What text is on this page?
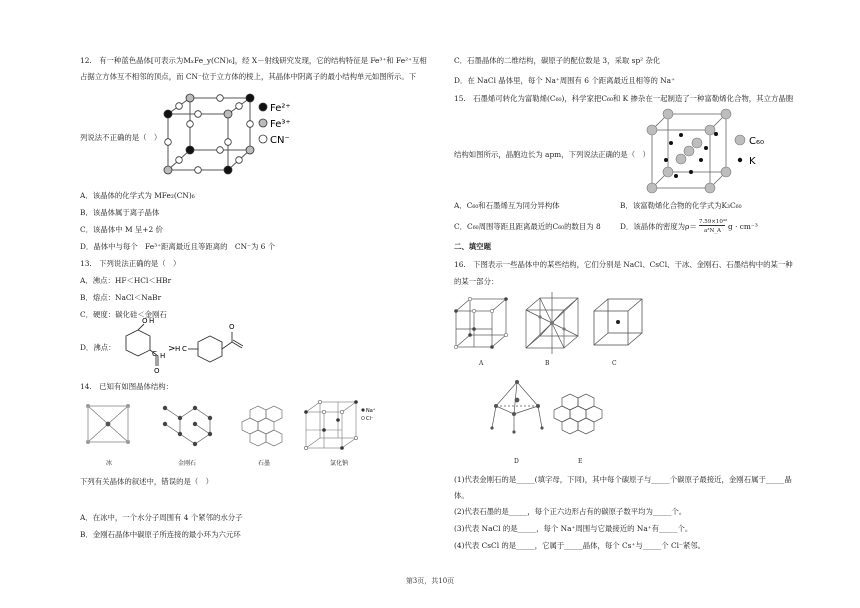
12.　有一种蓝色晶体[可表示为MₓFe_y(CN)₆]，经 X－射线研究发现，它的结构特征是 Fe³⁺和 Fe²⁺互相
占据立方体互不相邻的顶点，而 CN⁻位于立方体的棱上，其晶体中阴离子的最小结构单元如图所示。下
Fe²⁺
Fe³⁺
CN⁻
列说法不正确的是（　）
A．该晶体的化学式为 MFe₂(CN)₆
B．该晶体属于离子晶体
C．该晶体中 M 呈+2 价
D．晶体中与每个　Fe³⁺距离最近且等距离的　CN⁻为 6 个
13.　下列说法正确的是（　）
A．沸点：HF＜HCl＜HBr
B．熔点：NaCl＜NaBr
C．硬度：碳化硅＜金刚石
D．沸点：
O H
C H
O
> H C
O
14.　已知有如图晶体结构：
Na⁺
Cl⁻
冰	金刚石	石墨	氯化钠
下列有关晶体的叙述中，错误的是（　）
A．在冰中，一个水分子周围有 4 个紧邻的水分子
B．金刚石晶体中碳原子所连接的最小环为六元环
C．石墨晶体的二维结构，碳原子的配位数是 3，采取 sp² 杂化
D．在 NaCl 晶体里，每个 Na⁺周围有 6 个距离最近且相等的 Na⁺
15.　石墨烯可转化为富勒烯(C₆₀)，科学家把C₆₀和 K 掺杂在一起制造了一种富勒烯化合物，其立方晶胞
C₆₀
K
结构如图所示，晶胞边长为 apm，下列说法正确的是（　）
A．C₆₀和石墨烯互为同分异构体	B．该富勒烯化合物的化学式为K₃C₆₀
C．C₆₀周围等距且距离最近的C₆₀的数目为 8	D．该晶体的密度为ρ＝ 7.59×10³²
a³N_A g · cm⁻³
二、填空题
16.　下图表示一些晶体中的某些结构，它们分别是 NaCl、CsCl、干冰、金刚石、石墨结构中的某一种
的某一部分：
A	B	C
D	E
(1)代表金刚石的是_____(填字母，下同)，其中每个碳原子与_____个碳原子最接近，金刚石属于_____晶
体。
(2)代表石墨的是_____，每个正六边形占有的碳原子数平均为_____个。
(3)代表 NaCl 的是_____，每个 Na⁺周围与它最接近的 Na⁺有_____个。
(4)代表 CsCl 的是_____，它属于_____晶体，每个 Cs⁺与_____个 Cl⁻紧邻。
第3页，共10页
